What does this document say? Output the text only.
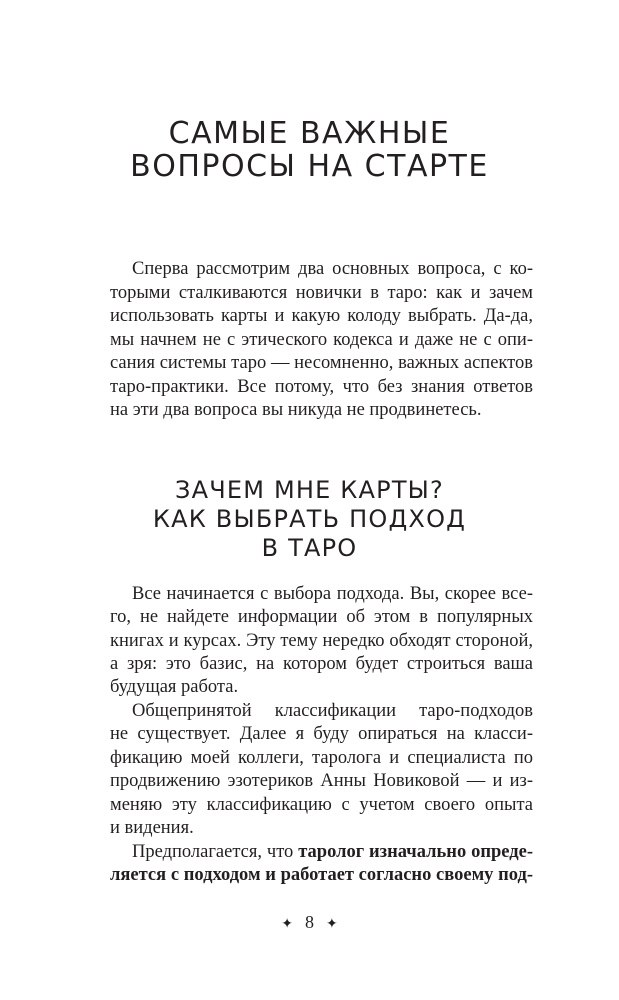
САМЫЕ ВАЖНЫЕ
ВОПРОСЫ НА СТАРТЕ
Сперва рассмотрим два основных вопроса, с ко-
торыми сталкиваются новички в таро: как и зачем
использовать карты и какую колоду выбрать. Да-да,
мы начнем не с этического кодекса и даже не с опи-
сания системы таро — несомненно, важных аспектов
таро-практики. Все потому, что без знания ответов
на эти два вопроса вы никуда не продвинетесь.
ЗАЧЕМ МНЕ КАРТЫ?
КАК ВЫБРАТЬ ПОДХОД
В ТАРО
Все начинается с выбора подхода. Вы, скорее все-
го, не найдете информации об этом в популярных
книгах и курсах. Эту тему нередко обходят стороной,
а зря: это базис, на котором будет строиться ваша
будущая работа.
Общепринятой классификации таро-подходов
не существует. Далее я буду опираться на класси-
фикацию моей коллеги, таролога и специалиста по
продвижению эзотериков Анны Новиковой — и из-
меняю эту классификацию с учетом своего опыта
и видения.
Предполагается, что таролог изначально опреде-
ляется с подходом и работает согласно своему под-
✦ 8 ✦
